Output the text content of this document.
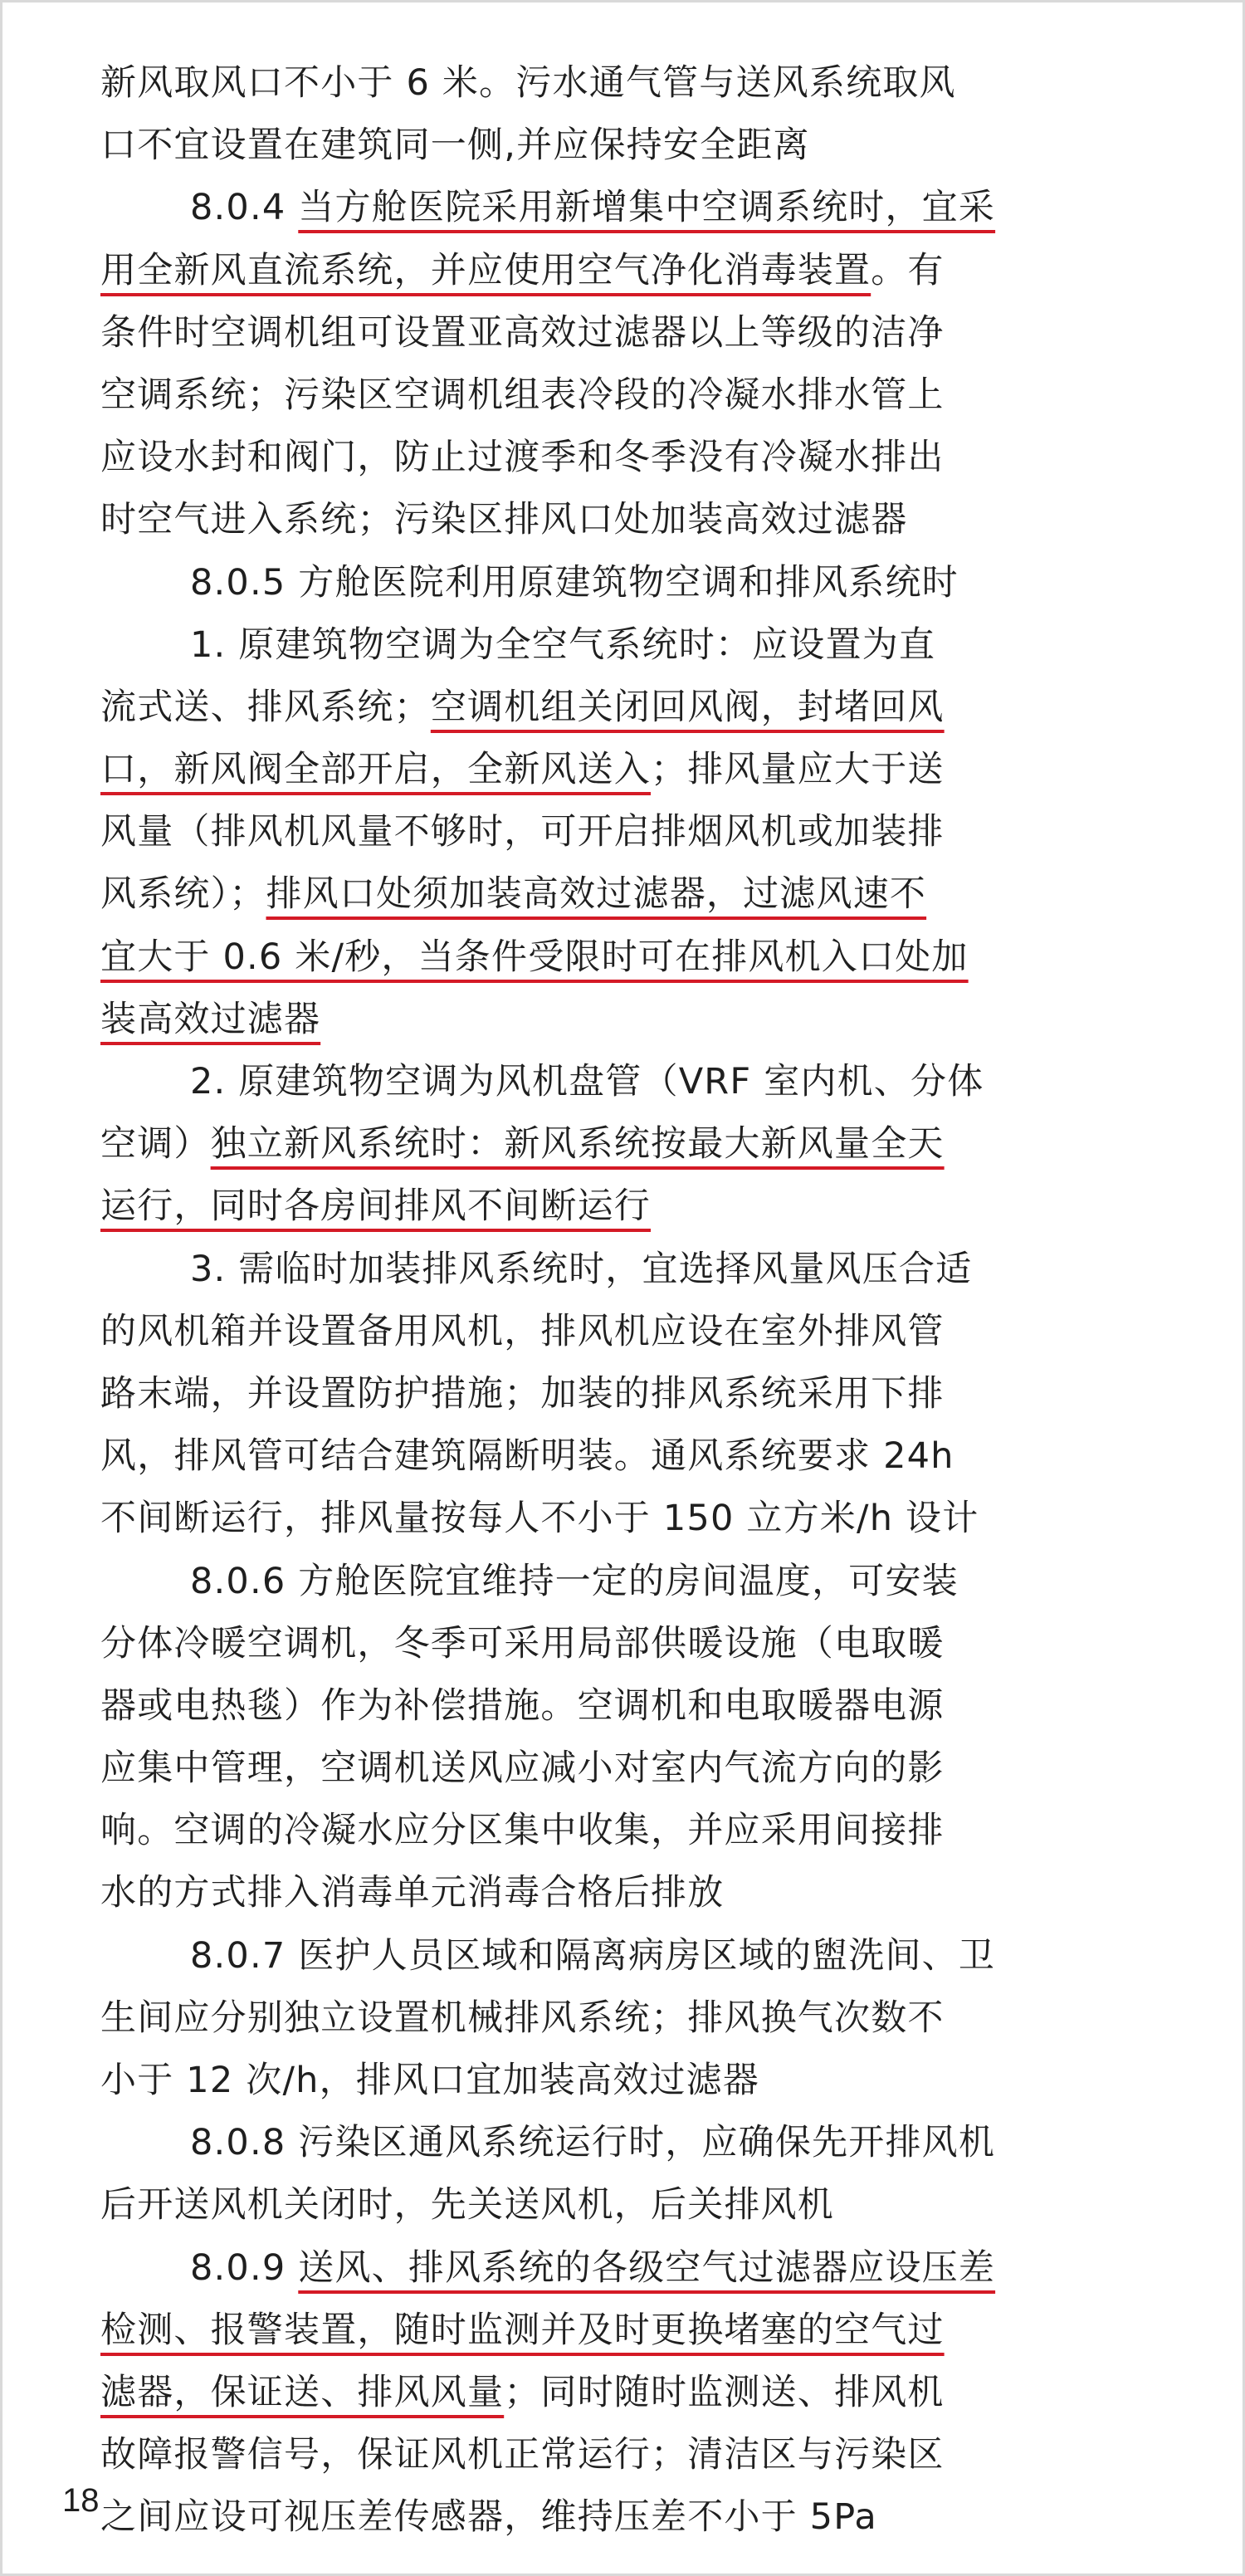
新风取风口不小于 6 米。污水通气管与送风系统取风
口不宜设置在建筑同一侧,并应保持安全距离
8.0.4 当方舱医院采用新增集中空调系统时，宜采
用全新风直流系统，并应使用空气净化消毒装置。有
条件时空调机组可设置亚高效过滤器以上等级的洁净
空调系统；污染区空调机组表冷段的冷凝水排水管上
应设水封和阀门，防止过渡季和冬季没有冷凝水排出
时空气进入系统；污染区排风口处加装高效过滤器
8.0.5 方舱医院利用原建筑物空调和排风系统时
1. 原建筑物空调为全空气系统时：应设置为直
流式送、排风系统；空调机组关闭回风阀，封堵回风
口，新风阀全部开启，全新风送入；排风量应大于送
风量（排风机风量不够时，可开启排烟风机或加装排
风系统）；排风口处须加装高效过滤器，过滤风速不
宜大于 0.6 米/秒，当条件受限时可在排风机入口处加
装高效过滤器
2. 原建筑物空调为风机盘管（VRF 室内机、分体
空调）独立新风系统时：新风系统按最大新风量全天
运行，同时各房间排风不间断运行
3. 需临时加装排风系统时，宜选择风量风压合适
的风机箱并设置备用风机，排风机应设在室外排风管
路末端，并设置防护措施；加装的排风系统采用下排
风，排风管可结合建筑隔断明装。通风系统要求 24h
不间断运行，排风量按每人不小于 150 立方米/h 设计
8.0.6 方舱医院宜维持一定的房间温度，可安装
分体冷暖空调机，冬季可采用局部供暖设施（电取暖
器或电热毯）作为补偿措施。空调机和电取暖器电源
应集中管理，空调机送风应减小对室内气流方向的影
响。空调的冷凝水应分区集中收集，并应采用间接排
水的方式排入消毒单元消毒合格后排放
8.0.7 医护人员区域和隔离病房区域的盥洗间、卫
生间应分别独立设置机械排风系统；排风换气次数不
小于 12 次/h，排风口宜加装高效过滤器
8.0.8 污染区通风系统运行时，应确保先开排风机
后开送风机关闭时，先关送风机，后关排风机
8.0.9 送风、排风系统的各级空气过滤器应设压差
检测、报警装置，随时监测并及时更换堵塞的空气过
滤器，保证送、排风风量；同时随时监测送、排风机
故障报警信号，保证风机正常运行；清洁区与污染区
之间应设可视压差传感器，维持压差不小于 5Pa
18
